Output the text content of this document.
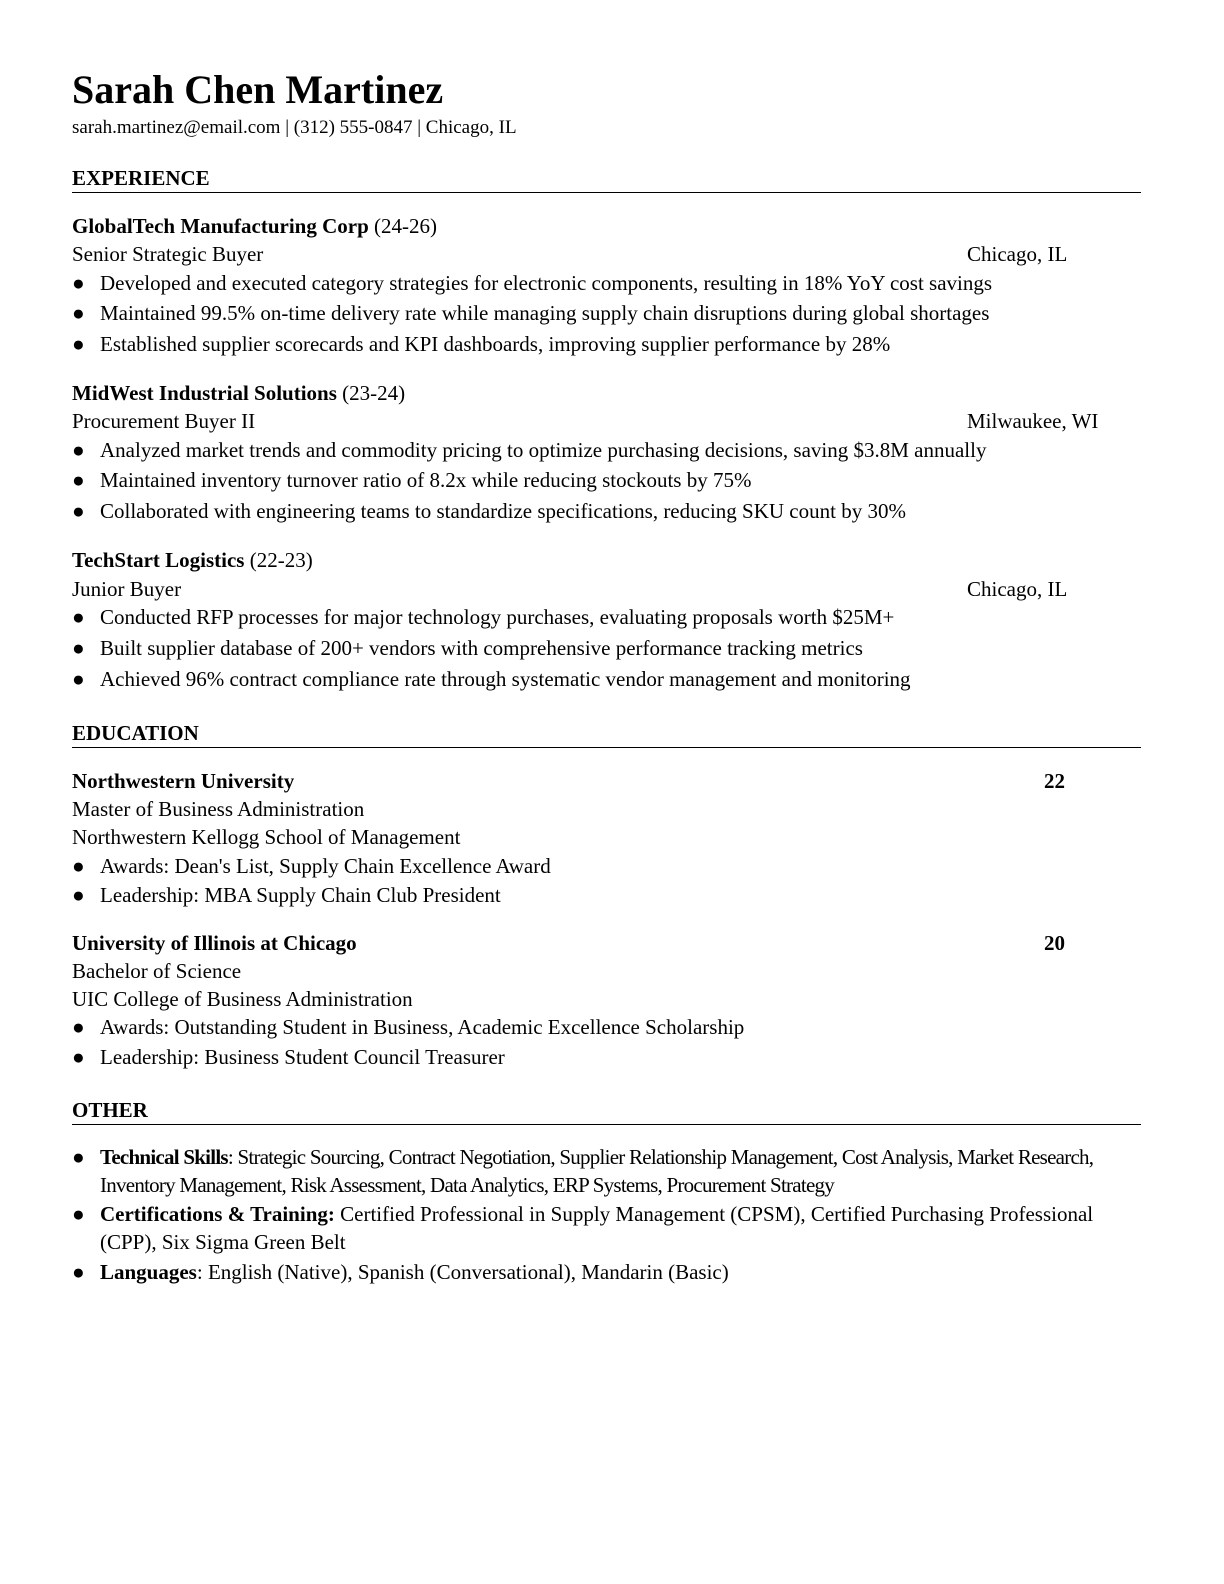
Sarah Chen Martinez
sarah.martinez@email.com | (312) 555-0847 | Chicago, IL
EXPERIENCE
GlobalTech Manufacturing Corp (24-26)
Senior Strategic Buyer	Chicago, IL
● Developed and executed category strategies for electronic components, resulting in 18% YoY cost savings
● Maintained 99.5% on-time delivery rate while managing supply chain disruptions during global shortages
● Established supplier scorecards and KPI dashboards, improving supplier performance by 28%
MidWest Industrial Solutions (23-24)
Procurement Buyer II	Milwaukee, WI
● Analyzed market trends and commodity pricing to optimize purchasing decisions, saving $3.8M annually
● Maintained inventory turnover ratio of 8.2x while reducing stockouts by 75%
● Collaborated with engineering teams to standardize specifications, reducing SKU count by 30%
TechStart Logistics (22-23)
Junior Buyer	Chicago, IL
● Conducted RFP processes for major technology purchases, evaluating proposals worth $25M+
● Built supplier database of 200+ vendors with comprehensive performance tracking metrics
● Achieved 96% contract compliance rate through systematic vendor management and monitoring
EDUCATION
Northwestern University	22
Master of Business Administration
Northwestern Kellogg School of Management
● Awards: Dean's List, Supply Chain Excellence Award
● Leadership: MBA Supply Chain Club President
University of Illinois at Chicago	20
Bachelor of Science
UIC College of Business Administration
● Awards: Outstanding Student in Business, Academic Excellence Scholarship
● Leadership: Business Student Council Treasurer
OTHER
● Technical Skills: Strategic Sourcing, Contract Negotiation, Supplier Relationship Management, Cost Analysis, Market Research, Inventory Management, Risk Assessment, Data Analytics, ERP Systems, Procurement Strategy
● Certifications & Training: Certified Professional in Supply Management (CPSM), Certified Purchasing Professional (CPP), Six Sigma Green Belt
● Languages: English (Native), Spanish (Conversational), Mandarin (Basic)
